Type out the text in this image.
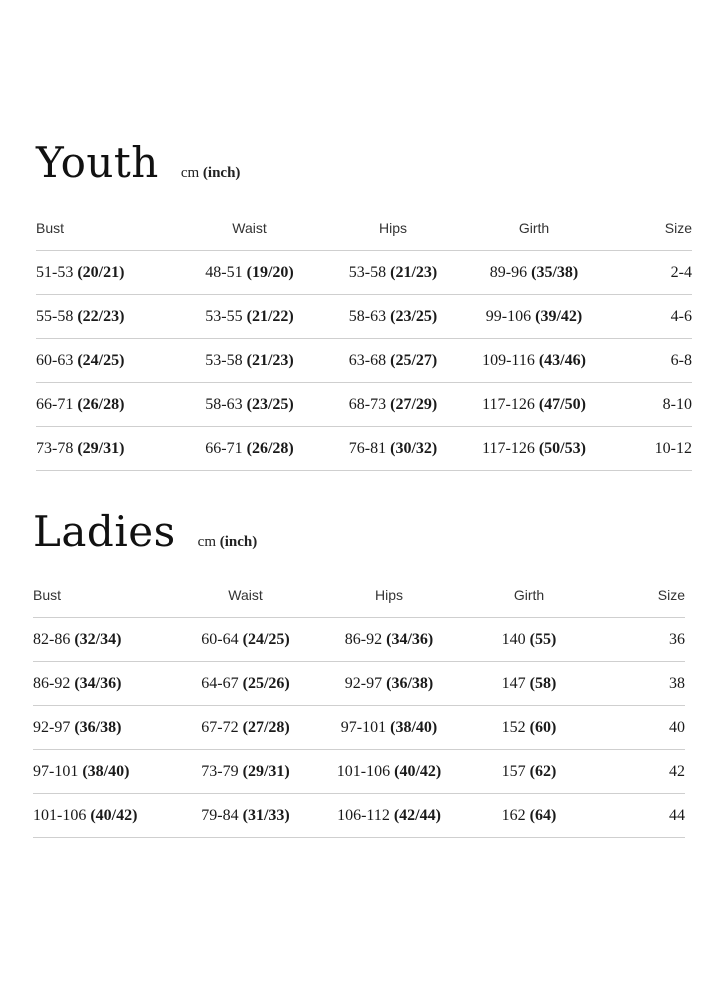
Youth cm (inch)
Bust	Waist	Hips	Girth	Size
51-53 (20/21)	48-51 (19/20)	53-58 (21/23)	89-96 (35/38)	2-4
55-58 (22/23)	53-55 (21/22)	58-63 (23/25)	99-106 (39/42)	4-6
60-63 (24/25)	53-58 (21/23)	63-68 (25/27)	109-116 (43/46)	6-8
66-71 (26/28)	58-63 (23/25)	68-73 (27/29)	117-126 (47/50)	8-10
73-78 (29/31)	66-71 (26/28)	76-81 (30/32)	117-126 (50/53)	10-12
Ladies cm (inch)
Bust	Waist	Hips	Girth	Size
82-86 (32/34)	60-64 (24/25)	86-92 (34/36)	140 (55)	36
86-92 (34/36)	64-67 (25/26)	92-97 (36/38)	147 (58)	38
92-97 (36/38)	67-72 (27/28)	97-101 (38/40)	152 (60)	40
97-101 (38/40)	73-79 (29/31)	101-106 (40/42)	157 (62)	42
101-106 (40/42)	79-84 (31/33)	106-112 (42/44)	162 (64)	44
